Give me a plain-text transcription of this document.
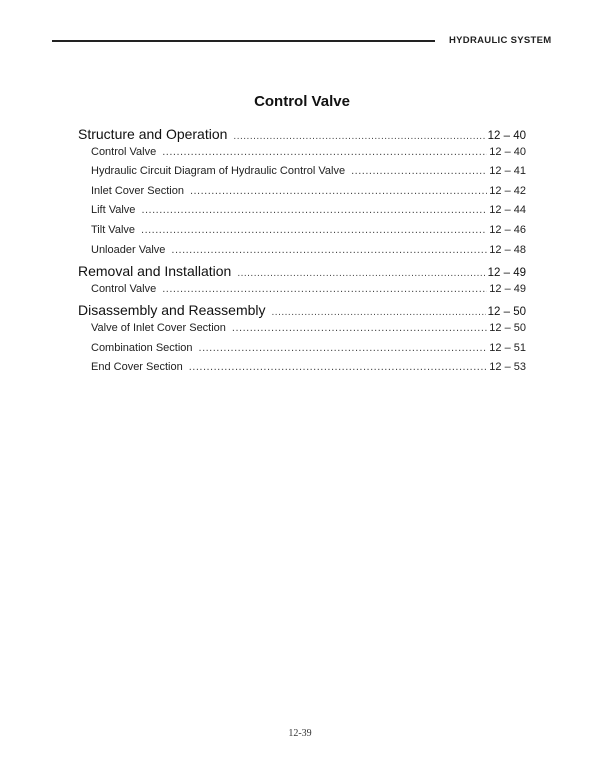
HYDRAULIC SYSTEM
Control Valve
Structure and Operation .....	12 – 40
Control Valve .....	12 – 40
Hydraulic Circuit Diagram of Hydraulic Control Valve .....	12 – 41
Inlet Cover Section .....	12 – 42
Lift Valve .....	12 – 44
Tilt Valve .....	12 – 46
Unloader Valve .....	12 – 48
Removal and Installation .....	12 – 49
Control Valve .....	12 – 49
Disassembly and Reassembly .....	12 – 50
Valve of Inlet Cover Section .....	12 – 50
Combination Section .....	12 – 51
End Cover Section .....	12 – 53
12-39
